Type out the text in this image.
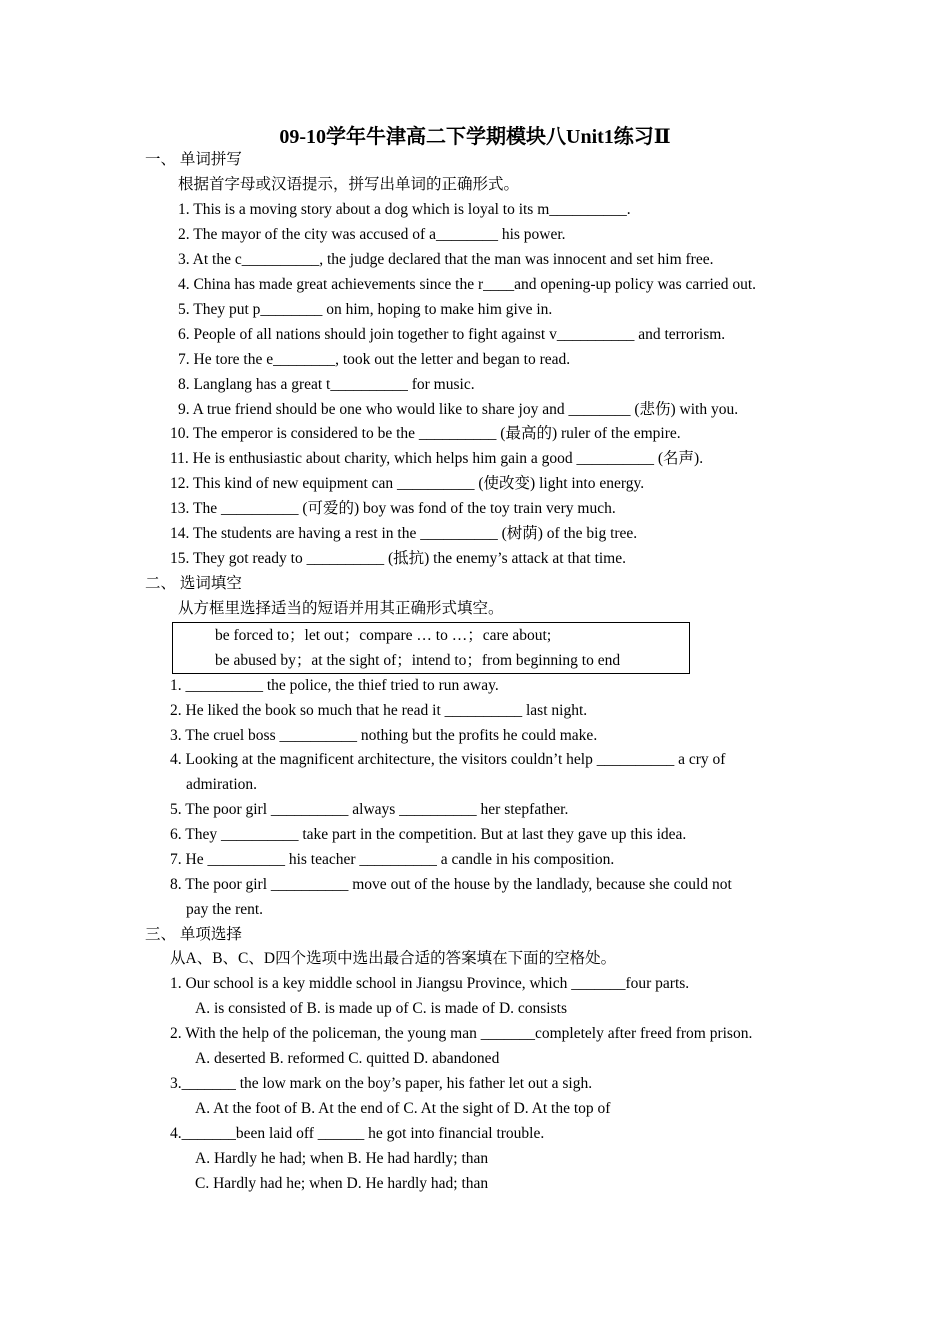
09-10学年牛津高二下学期模块八Unit1练习Ⅱ
一、 单词拼写
根据首字母或汉语提示，拼写出单词的正确形式。
1. This is a moving story about a dog which is loyal to its m__________.
2. The mayor of the city was accused of a________ his power.
3. At the c__________, the judge declared that the man was innocent and set him free.
4. China has made great achievements since the r____and opening-up policy was carried out.
5. They put p________ on him, hoping to make him give in.
6. People of all nations should join together to fight against v__________ and terrorism.
7. He tore the e________, took out the letter and began to read.
8. Langlang has a great t__________ for music.
9. A true friend should be one who would like to share joy and ________ (悲伤) with you.
10. The emperor is considered to be the __________ (最高的) ruler of the empire.
11. He is enthusiastic about charity, which helps him gain a good __________ (名声).
12. This kind of new equipment can __________ (使改变) light into energy.
13. The __________ (可爱的) boy was fond of the toy train very much.
14. The students are having a rest in the __________ (树荫) of the big tree.
15. They got ready to __________ (抵抗) the enemy’s attack at that time.
二、 选词填空
从方框里选择适当的短语并用其正确形式填空。
be forced to；let out；compare … to …；care about;
be abused by；at the sight of；intend to；from beginning to end
1. __________ the police, the thief tried to run away.
2. He liked the book so much that he read it __________ last night.
3. The cruel boss __________ nothing but the profits he could make.
4. Looking at the magnificent architecture, the visitors couldn’t help __________ a cry of
admiration.
5. The poor girl __________ always __________ her stepfather.
6. They __________ take part in the competition. But at last they gave up this idea.
7. He __________ his teacher __________ a candle in his composition.
8. The poor girl __________ move out of the house by the landlady, because she could not
pay the rent.
三、 单项选择
从A、B、C、D四个选项中选出最合适的答案填在下面的空格处。
1. Our school is a key middle school in Jiangsu Province, which _______four parts.
A. is consisted of B. is made up of C. is made of D. consists
2. With the help of the policeman, the young man _______completely after freed from prison.
A. deserted B. reformed C. quitted D. abandoned
3._______ the low mark on the boy’s paper, his father let out a sigh.
A. At the foot of B. At the end of C. At the sight of D. At the top of
4._______been laid off ______ he got into financial trouble.
A. Hardly he had; when B. He had hardly; than
C. Hardly had he; when D. He hardly had; than
